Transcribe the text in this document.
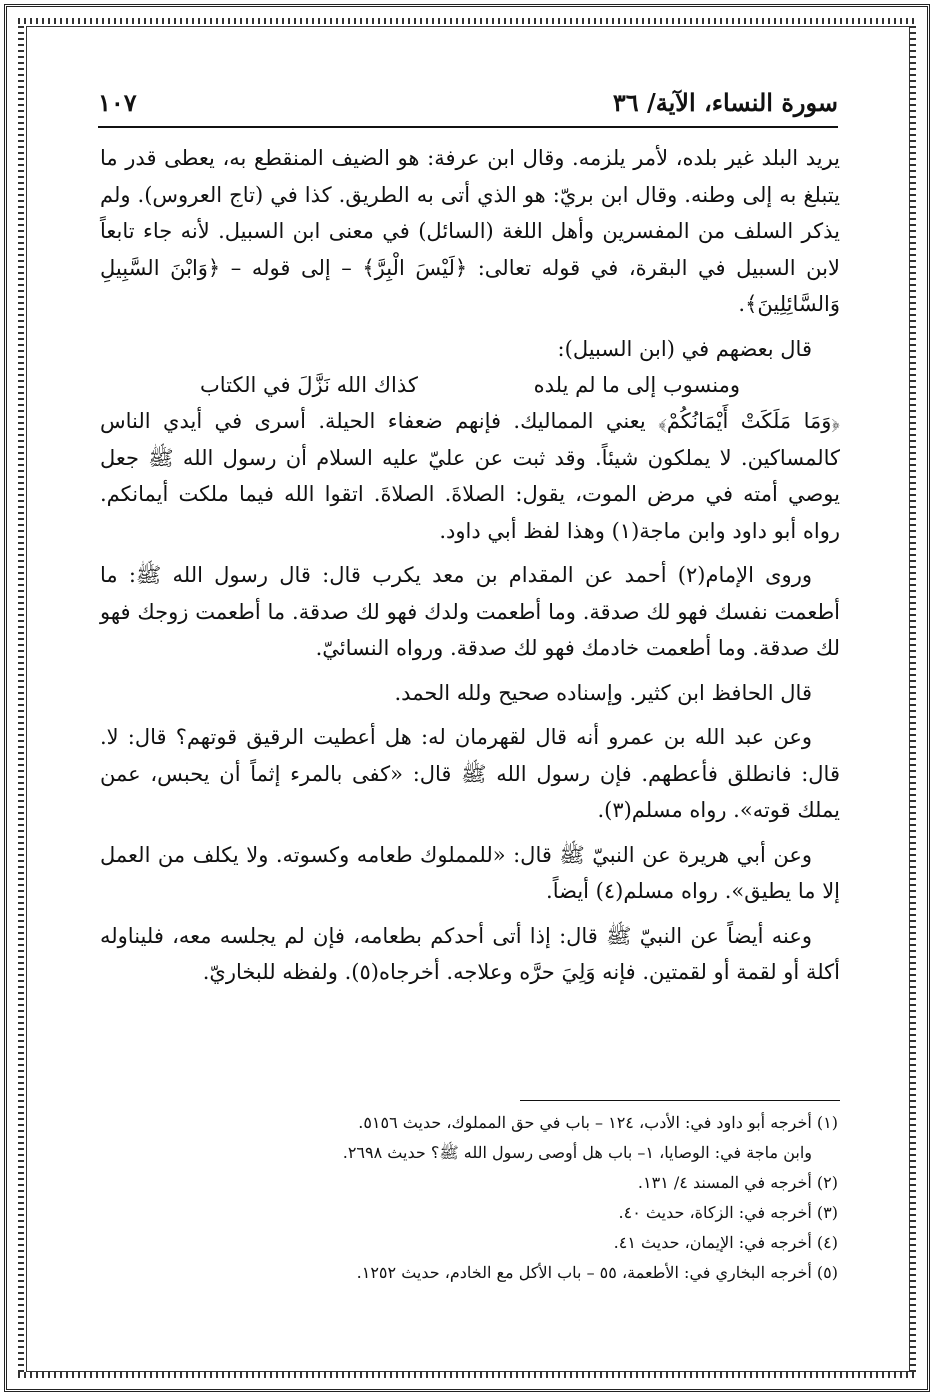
سورة النساء، الآية/ ٣٦
١٠٧

يريد البلد غير بلده، لأمر يلزمه. وقال ابن عرفة: هو الضيف المنقطع به، يعطى قدر ما يتبلغ به إلى وطنه. وقال ابن بريّ: هو الذي أتى به الطريق. كذا في (تاج العروس). ولم يذكر السلف من المفسرين وأهل اللغة (السائل) في معنى ابن السبيل. لأنه جاء تابعاً لابن السبيل في البقرة، في قوله تعالى: ﴿لَيْسَ الْبِرَّ﴾ – إلى قوله – ﴿وَابْنَ السَّبِيلِ وَالسَّائِلِينَ﴾.

قال بعضهم في (ابن السبيل):

ومنسوب إلى ما لم يلده
كذاك الله نَزَّلَ في الكتاب

﴿وَمَا مَلَكَتْ أَيْمَانُكُمْ﴾ يعني المماليك. فإنهم ضعفاء الحيلة. أسرى في أيدي الناس كالمساكين. لا يملكون شيئاً. وقد ثبت عن عليّ عليه السلام أن رسول الله ﷺ جعل يوصي أمته في مرض الموت، يقول: الصلاةَ. الصلاةَ. اتقوا الله فيما ملكت أيمانكم. رواه أبو داود وابن ماجة(١) وهذا لفظ أبي داود.

وروى الإمام(٢) أحمد عن المقدام بن معد يكرب قال: قال رسول الله ﷺ: ما أطعمت نفسك فهو لك صدقة. وما أطعمت ولدك فهو لك صدقة. ما أطعمت زوجك فهو لك صدقة. وما أطعمت خادمك فهو لك صدقة. ورواه النسائيّ.

قال الحافظ ابن كثير. وإسناده صحيح ولله الحمد.

وعن عبد الله بن عمرو أنه قال لقهرمان له: هل أعطيت الرقيق قوتهم؟ قال: لا. قال: فانطلق فأعطهم. فإن رسول الله ﷺ قال: «كفى بالمرء إثماً أن يحبس، عمن يملك قوته». رواه مسلم(٣).

وعن أبي هريرة عن النبيّ ﷺ قال: «للمملوك طعامه وكسوته. ولا يكلف من العمل إلا ما يطيق». رواه مسلم(٤) أيضاً.

وعنه أيضاً عن النبيّ ﷺ قال: إذا أتى أحدكم بطعامه، فإن لم يجلسه معه، فليناوله أكلة أو لقمة أو لقمتين. فإنه وَلِيَ حرَّه وعلاجه. أخرجاه(٥). ولفظه للبخاريّ.

(١) أخرجه أبو داود في: الأدب، ١٢٤ – باب في حق المملوك، حديث ٥١٥٦.

وابن ماجة في: الوصايا، ١– باب هل أوصى رسول الله ﷺ؟ حديث ٢٦٩٨.

(٢) أخرجه في المسند ٤/ ١٣١.

(٣) أخرجه في: الزكاة، حديث ٤٠.

(٤) أخرجه في: الإيمان، حديث ٤١.

(٥) أخرجه البخاري في: الأطعمة، ٥٥ – باب الأكل مع الخادم، حديث ١٢٥٢.
